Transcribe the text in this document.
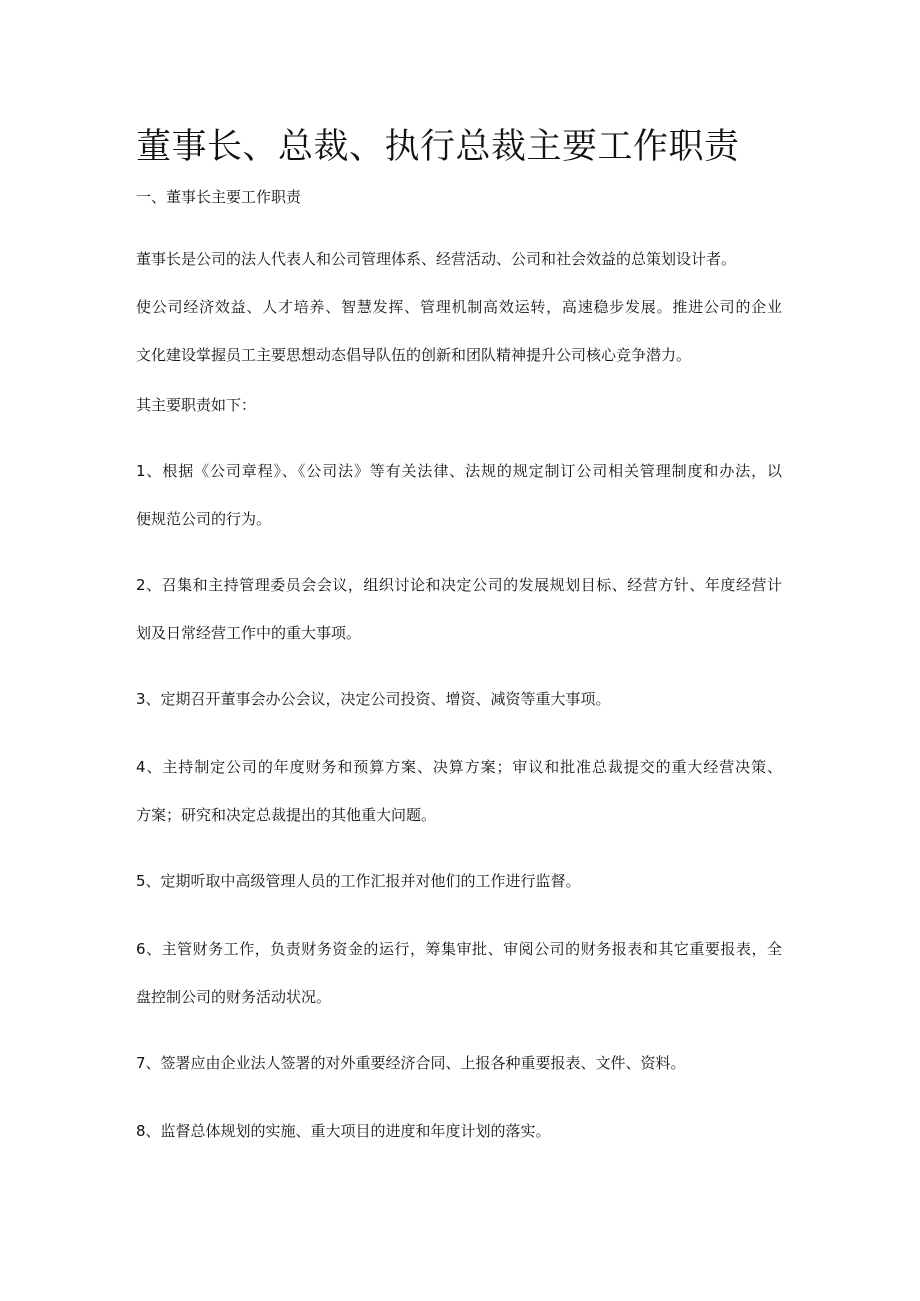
董事长、总裁、执行总裁主要工作职责

一、董事长主要工作职责

董事长是公司的法人代表人和公司管理体系、经营活动、公司和社会效益的总策划设计者。

使公司经济效益、人才培养、智慧发挥、管理机制高效运转，高速稳步发展。推进公司的企业

文化建设掌握员工主要思想动态倡导队伍的创新和团队精神提升公司核心竞争潜力。

其主要职责如下：

1、根据《公司章程》、《公司法》等有关法律、法规的规定制订公司相关管理制度和办法，以

便规范公司的行为。

2、召集和主持管理委员会会议，组织讨论和决定公司的发展规划目标、经营方针、年度经营计

划及日常经营工作中的重大事项。

3、定期召开董事会办公会议，决定公司投资、增资、减资等重大事项。

4、主持制定公司的年度财务和预算方案、决算方案；审议和批准总裁提交的重大经营决策、

方案；研究和决定总裁提出的其他重大问题。

5、定期听取中高级管理人员的工作汇报并对他们的工作进行监督。

6、主管财务工作，负责财务资金的运行，筹集审批、审阅公司的财务报表和其它重要报表，全

盘控制公司的财务活动状况。

7、签署应由企业法人签署的对外重要经济合同、上报各种重要报表、文件、资料。

8、监督总体规划的实施、重大项目的进度和年度计划的落实。
